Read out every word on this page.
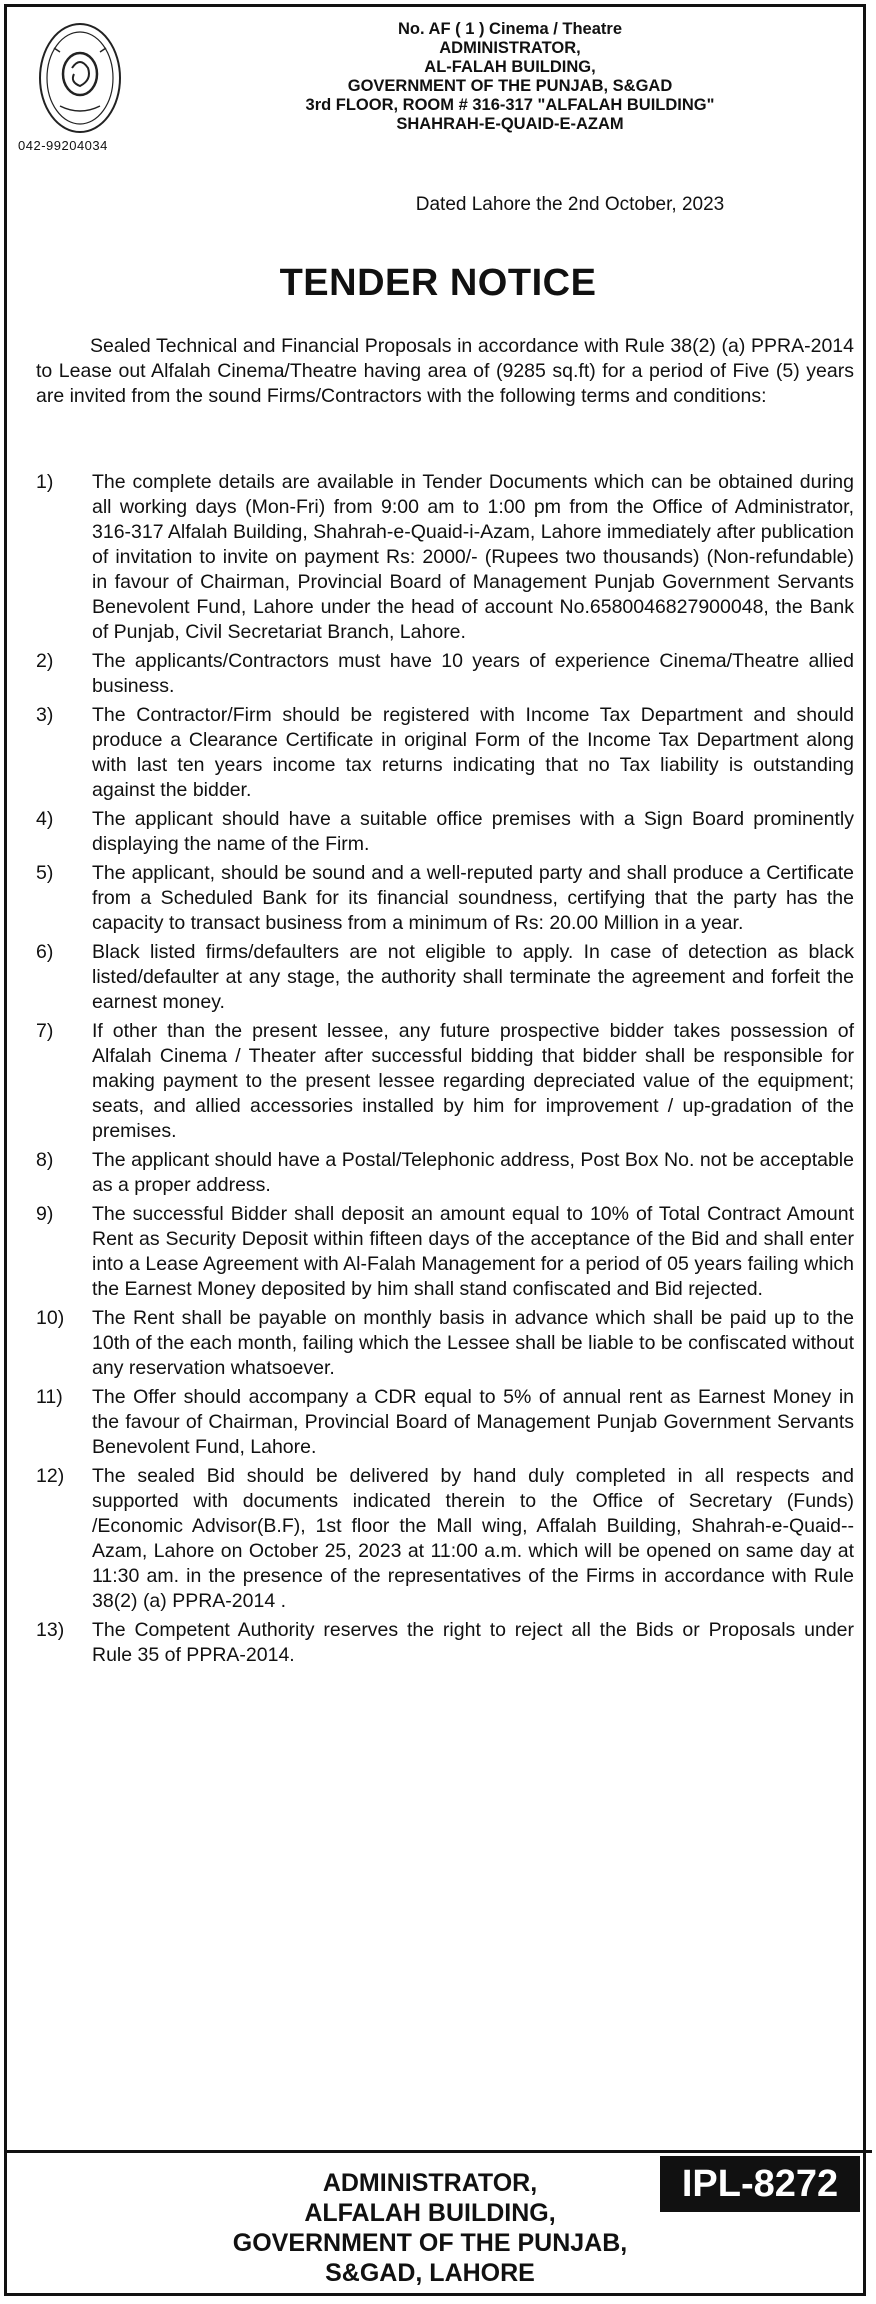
042-99204034
No. AF ( 1 ) Cinema / Theatre
ADMINISTRATOR,
AL-FALAH BUILDING,
GOVERNMENT OF THE PUNJAB, S&GAD
3rd FLOOR, ROOM # 316-317 "ALFALAH BUILDING"
SHAHRAH-E-QUAID-E-AZAM
Dated Lahore the 2nd October, 2023
TENDER NOTICE
Sealed Technical and Financial Proposals in accordance with Rule 38(2) (a) PPRA-2014 to Lease out Alfalah Cinema/Theatre having area of (9285 sq.ft) for a period of Five (5) years are invited from the sound Firms/Contractors with the following terms and conditions:
1)	The complete details are available in Tender Documents which can be obtained during all working days (Mon-Fri) from 9:00 am to 1:00 pm from the Office of Administrator, 316-317 Alfalah Building, Shahrah-e-Quaid-i-Azam, Lahore immediately after publication of invitation to invite on payment Rs: 2000/- (Rupees two thousands) (Non-refundable) in favour of Chairman, Provincial Board of Management Punjab Government Servants Benevolent Fund, Lahore under the head of account No.6580046827900048, the Bank of Punjab, Civil Secretariat Branch, Lahore.
2)	The applicants/Contractors must have 10 years of experience Cinema/Theatre allied business.
3)	The Contractor/Firm should be registered with Income Tax Department and should produce a Clearance Certificate in original Form of the Income Tax Department along with last ten years income tax returns indicating that no Tax liability is outstanding against the bidder.
4)	The applicant should have a suitable office premises with a Sign Board prominently displaying the name of the Firm.
5)	The applicant, should be sound and a well-reputed party and shall produce a Certificate from a Scheduled Bank for its financial soundness, certifying that the party has the capacity to transact business from a minimum of Rs: 20.00 Million in a year.
6)	Black listed firms/defaulters are not eligible to apply. In case of detection as black listed/defaulter at any stage, the authority shall terminate the agreement and forfeit the earnest money.
7)	If other than the present lessee, any future prospective bidder takes possession of Alfalah Cinema / Theater after successful bidding that bidder shall be responsible for making payment to the present lessee regarding depreciated value of the equipment; seats, and allied accessories installed by him for improvement / up-gradation of the premises.
8)	The applicant should have a Postal/Telephonic address, Post Box No. not be acceptable as a proper address.
9)	The successful Bidder shall deposit an amount equal to 10% of Total Contract Amount Rent as Security Deposit within fifteen days of the acceptance of the Bid and shall enter into a Lease Agreement with Al-Falah Management for a period of 05 years failing which the Earnest Money deposited by him shall stand confiscated and Bid rejected.
10)	The Rent shall be payable on monthly basis in advance which shall be paid up to the 10th of the each month, failing which the Lessee shall be liable to be confiscated without any reservation whatsoever.
11)	The Offer should accompany a CDR equal to 5% of annual rent as Earnest Money in the favour of Chairman, Provincial Board of Management Punjab Government Servants Benevolent Fund, Lahore.
12)	The sealed Bid should be delivered by hand duly completed in all respects and supported with documents indicated therein to the Office of Secretary (Funds) /Economic Advisor(B.F), 1st floor the Mall wing, Affalah Building, Shahrah-e-Quaid--Azam, Lahore on October 25, 2023 at 11:00 a.m. which will be opened on same day at 11:30 am. in the presence of the representatives of the Firms in accordance with Rule 38(2) (a) PPRA-2014 .
13)	The Competent Authority reserves the right to reject all the Bids or Proposals under Rule 35 of PPRA-2014.
ADMINISTRATOR,
ALFALAH BUILDING,
GOVERNMENT OF THE PUNJAB,
S&GAD, LAHORE
IPL-8272
